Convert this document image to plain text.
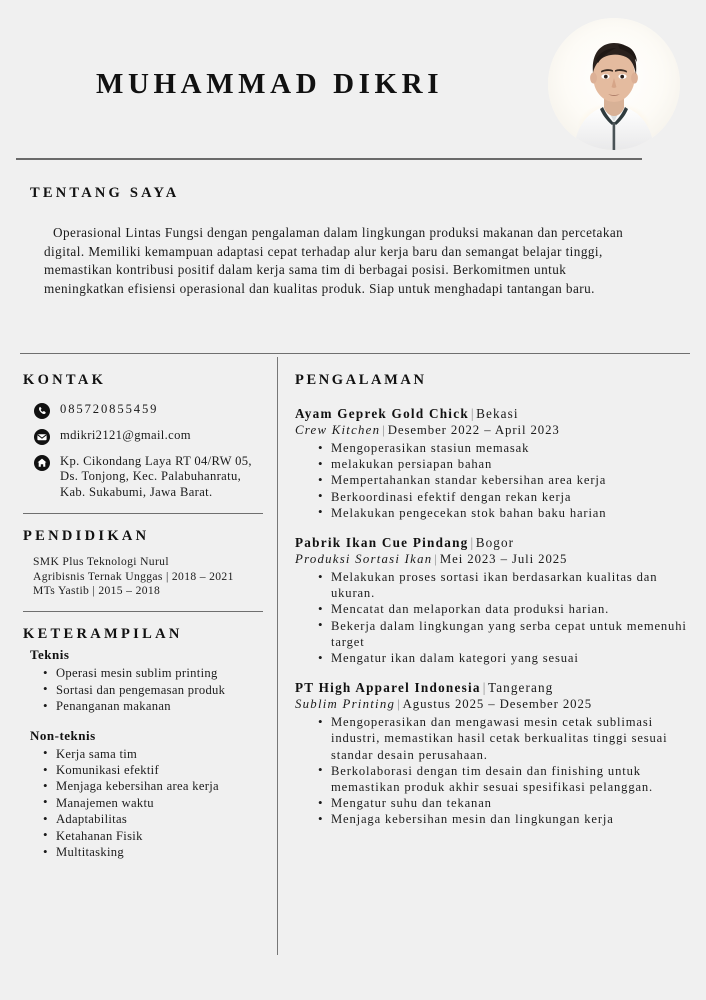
MUHAMMAD DIKRI
TENTANG SAYA

Operasional Lintas Fungsi dengan pengalaman dalam lingkungan produksi makanan dan percetakan digital. Memiliki kemampuan adaptasi cepat terhadap alur kerja baru dan semangat belajar tinggi, memastikan kontribusi positif dalam kerja sama tim di berbagai posisi. Berkomitmen untuk meningkatkan efisiensi operasional dan kualitas produk. Siap untuk menghadapi tantangan baru.

KONTAK
085720855459
mdikri2121@gmail.com
Kp. Cikondang Laya RT 04/RW 05, Ds. Tonjong, Kec. Palabuhanratu, Kab. Sukabumi, Jawa Barat.
PENDIDIKAN
SMK Plus Teknologi Nurul
Agribisnis Ternak Unggas | 2018 – 2021
MTs Yastib | 2015 – 2018
KETERAMPILAN
Teknis
• Operasi mesin sublim printing
• Sortasi dan pengemasan produk
• Penanganan makanan
Non-teknis
• Kerja sama tim
• Komunikasi efektif
• Menjaga kebersihan area kerja
• Manajemen waktu
• Adaptabilitas
• Ketahanan Fisik
• Multitasking
PENGALAMAN
Ayam Geprek Gold Chick | Bekasi
Crew Kitchen | Desember 2022 – April 2023
• Mengoperasikan stasiun memasak
• melakukan persiapan bahan
• Mempertahankan standar kebersihan area kerja
• Berkoordinasi efektif dengan rekan kerja
• Melakukan pengecekan stok bahan baku harian
Pabrik Ikan Cue Pindang | Bogor
Produksi Sortasi Ikan | Mei 2023 – Juli 2025
• Melakukan proses sortasi ikan berdasarkan kualitas dan ukuran.
• Mencatat dan melaporkan data produksi harian.
• Bekerja dalam lingkungan yang serba cepat untuk memenuhi target
• Mengatur ikan dalam kategori yang sesuai
PT High Apparel Indonesia | Tangerang
Sublim Printing | Agustus 2025 – Desember 2025
• Mengoperasikan dan mengawasi mesin cetak sublimasi industri, memastikan hasil cetak berkualitas tinggi sesuai standar desain perusahaan.
• Berkolaborasi dengan tim desain dan finishing untuk memastikan produk akhir sesuai spesifikasi pelanggan.
• Mengatur suhu dan tekanan
• Menjaga kebersihan mesin dan lingkungan kerja
